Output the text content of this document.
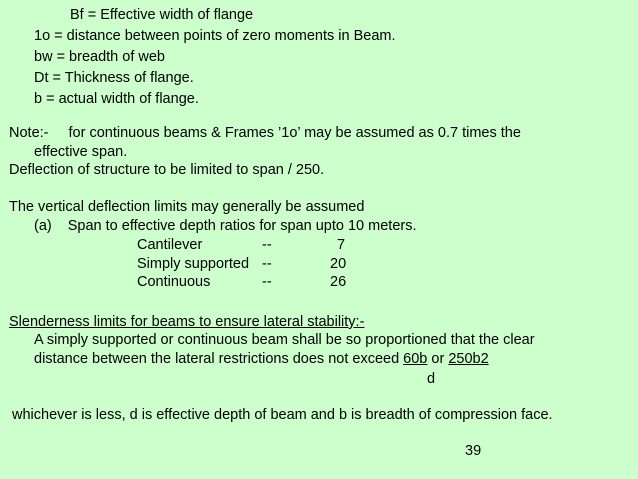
Bf = Effective width of flange
1o = distance between points of zero moments in Beam.
bw = breadth of web
Dt = Thickness of flange.
b = actual width of flange.
Note:- for continuous beams & Frames ’1o’ may be assumed as 0.7 times the
effective span.
Deflection of structure to be limited to span / 250.
The vertical deflection limits may generally be assumed
(a) Span to effective depth ratios for span upto 10 meters.
Cantilever	--	7
Simply supported --	20
Continuous	--	26
Slenderness limits for beams to ensure lateral stability:-
A simply supported or continuous beam shall be so proportioned that the clear
distance between the lateral restrictions does not exceed 60b or 250b2
d
whichever is less, d is effective depth of beam and b is breadth of compression face.
39
